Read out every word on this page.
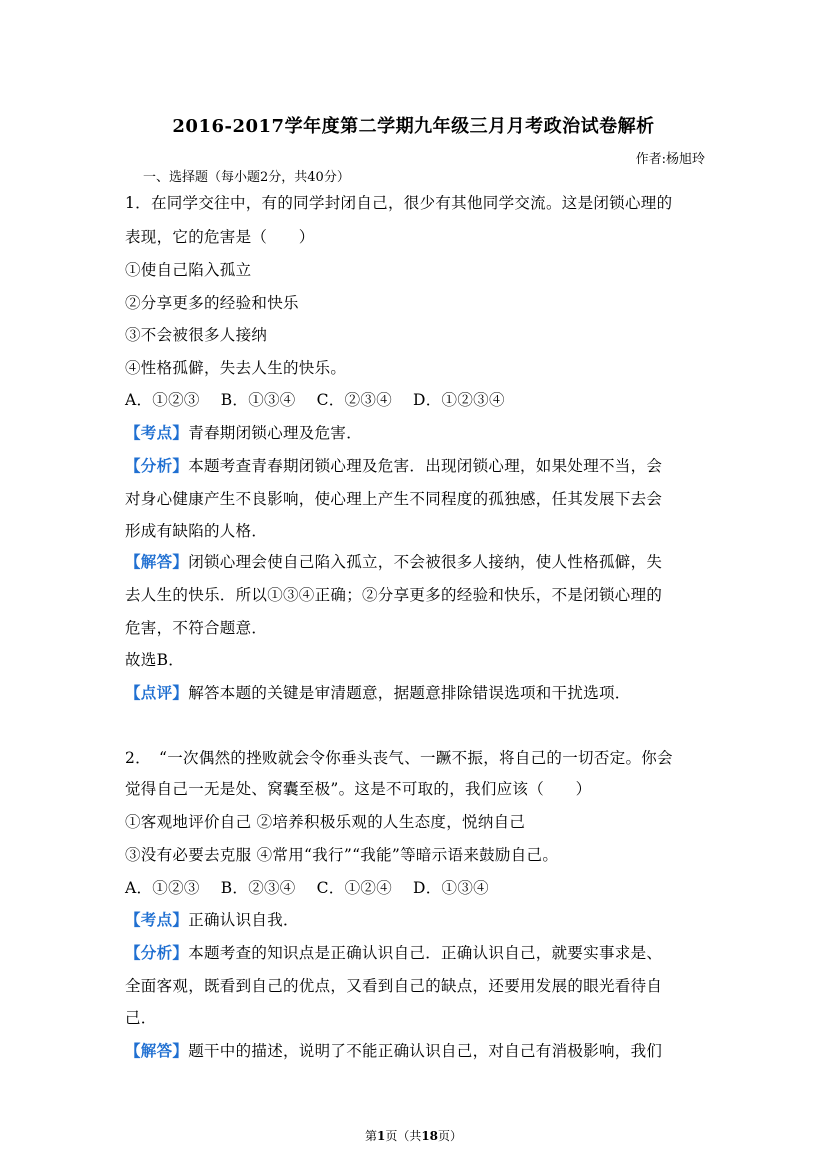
2016-2017学年度第二学期九年级三月月考政治试卷解析
作者:杨旭玲
一、选择题（每小题2分，共40分）
1．在同学交往中，有的同学封闭自己，很少有其他同学交流。这是闭锁心理的
表现，它的危害是（　　）
①使自己陷入孤立
②分享更多的经验和快乐
③不会被很多人接纳
④性格孤僻，失去人生的快乐。
A．①②③　 B．①③④　 C．②③④　 D．①②③④
【考点】青春期闭锁心理及危害．
【分析】本题考查青春期闭锁心理及危害．出现闭锁心理，如果处理不当，会
对身心健康产生不良影响，使心理上产生不同程度的孤独感，任其发展下去会
形成有缺陷的人格．
【解答】闭锁心理会使自己陷入孤立，不会被很多人接纳，使人性格孤僻，失
去人生的快乐．所以①③④正确；②分享更多的经验和快乐，不是闭锁心理的
危害，不符合题意．
故选B．
【点评】解答本题的关键是审清题意，据题意排除错误选项和干扰选项．
2．　“一次偶然的挫败就会令你垂头丧气、一蹶不振，将自己的一切否定。你会
觉得自己一无是处、窝囊至极”。这是不可取的，我们应该（　　）
①客观地评价自己 ②培养积极乐观的人生态度，悦纳自己
③没有必要去克服 ④常用“我行”“我能”等暗示语来鼓励自己。
A．①②③　 B．②③④　 C．①②④　 D．①③④
【考点】正确认识自我．
【分析】本题考查的知识点是正确认识自己．正确认识自己，就要实事求是、
全面客观，既看到自己的优点，又看到自己的缺点，还要用发展的眼光看待自
己．
【解答】题干中的描述，说明了不能正确认识自己，对自己有消极影响，我们
第1页（共18页）
